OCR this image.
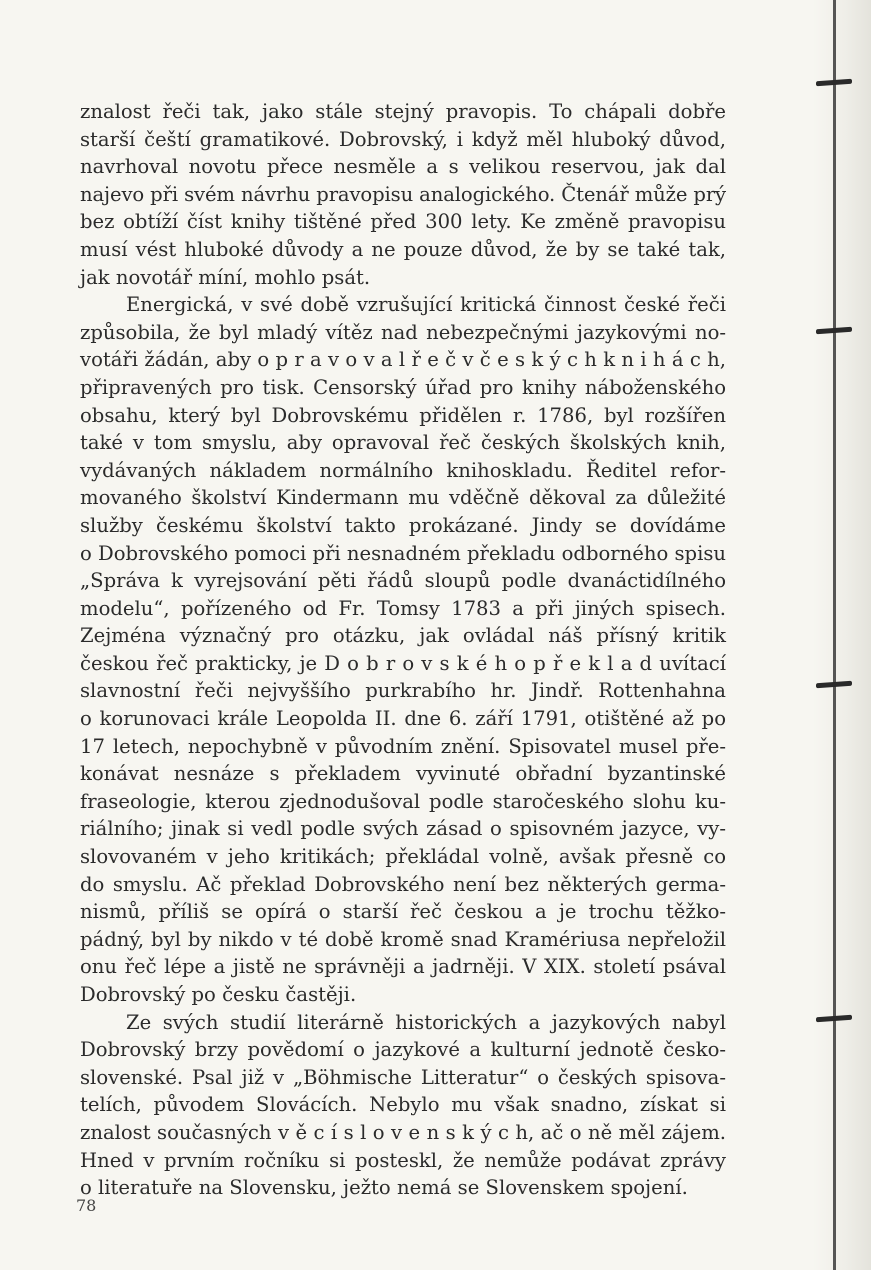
znalost řeči tak, jako stále stejný pravopis. To chápali dobře
starší čeští gramatikové. Dobrovský, i když měl hluboký důvod,
navrhoval novotu přece nesměle a s velikou reservou, jak dal
najevo při svém návrhu pravopisu analogického. Čtenář může prý
bez obtíží číst knihy tištěné před 300 lety. Ke změně pravopisu
musí vést hluboké důvody a ne pouze důvod, že by se také tak,
jak novotář míní, mohlo psát.

Energická, v své době vzrušující kritická činnost české řeči
způsobila, že byl mladý vítěz nad nebezpečnými jazykovými no-
votáři žádán, aby o p r a v o v a l ř e č v č e s k ý c h k n i h á c h,
připravených pro tisk. Censorský úřad pro knihy náboženského
obsahu, který byl Dobrovskému přidělen r. 1786, byl rozšířen
také v tom smyslu, aby opravoval řeč českých školských knih,
vydávaných nákladem normálního knihoskladu. Ředitel refor-
movaného školství Kindermann mu vděčně děkoval za důležité
služby českému školství takto prokázané. Jindy se dovídáme
o Dobrovského pomoci při nesnadném překladu odborného spisu
„Správa k vyrejsování pěti řádů sloupů podle dvanáctidílného
modelu“, pořízeného od Fr. Tomsy 1783 a při jiných spisech.
Zejména význačný pro otázku, jak ovládal náš přísný kritik
českou řeč prakticky, je D o b r o v s k é h o p ř e k l a d uvítací
slavnostní řeči nejvyššího purkrabího hr. Jindř. Rottenhahna
o korunovaci krále Leopolda II. dne 6. září 1791, otištěné až po
17 letech, nepochybně v původním znění. Spisovatel musel pře-
konávat nesnáze s překladem vyvinuté obřadní byzantinské
fraseologie, kterou zjednodušoval podle staročeského slohu ku-
riálního; jinak si vedl podle svých zásad o spisovném jazyce, vy-
slovovaném v jeho kritikách; překládal volně, avšak přesně co
do smyslu. Ač překlad Dobrovského není bez některých germa-
nismů, příliš se opírá o starší řeč českou a je trochu těžko-
pádný, byl by nikdo v té době kromě snad Kramériusa nepřeložil
onu řeč lépe a jistě ne správněji a jadrněji. V XIX. století psával
Dobrovský po česku častěji.

Ze svých studií literárně historických a jazykových nabyl
Dobrovský brzy povědomí o jazykové a kulturní jednotě česko-
slovenské. Psal již v „Böhmische Litteratur“ o českých spisova-
telích, původem Slovácích. Nebylo mu však snadno, získat si
znalost současných v ě c í s l o v e n s k ý c h, ač o ně měl zájem.
Hned v prvním ročníku si posteskl, že nemůže podávat zprávy
o literatuře na Slovensku, ježto nemá se Slovenskem spojení.

78
